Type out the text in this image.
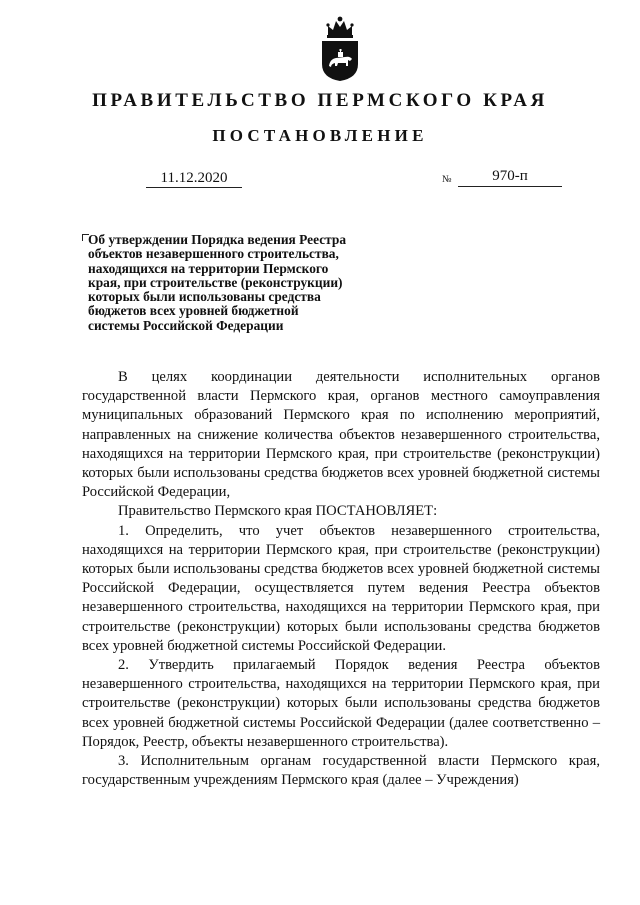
ПРАВИТЕЛЬСТВО ПЕРМСКОГО КРАЯ
ПОСТАНОВЛЕНИЕ
11.12.2020	№	970-п
Об утверждении Порядка ведения Реестра
объектов незавершенного строительства,
находящихся на территории Пермского
края, при строительстве (реконструкции)
которых были использованы средства
бюджетов всех уровней бюджетной
системы Российской Федерации

В целях координации деятельности исполнительных органов государственной власти Пермского края, органов местного самоуправления муниципальных образований Пермского края по исполнению мероприятий, направленных на снижение количества объектов незавершенного строительства, находящихся на территории Пермского края, при строительстве (реконструкции) которых были использованы средства бюджетов всех уровней бюджетной системы Российской Федерации,

Правительство Пермского края ПОСТАНОВЛЯЕТ:

1. Определить, что учет объектов незавершенного строительства, находящихся на территории Пермского края, при строительстве (реконструкции) которых были использованы средства бюджетов всех уровней бюджетной системы Российской Федерации, осуществляется путем ведения Реестра объектов незавершенного строительства, находящихся на территории Пермского края, при строительстве (реконструкции) которых были использованы средства бюджетов всех уровней бюджетной системы Российской Федерации.

2. Утвердить прилагаемый Порядок ведения Реестра объектов незавершенного строительства, находящихся на территории Пермского края, при строительстве (реконструкции) которых были использованы средства бюджетов всех уровней бюджетной системы Российской Федерации (далее соответственно – Порядок, Реестр, объекты незавершенного строительства).

3. Исполнительным органам государственной власти Пермского края, государственным учреждениям Пермского края (далее – Учреждения)
